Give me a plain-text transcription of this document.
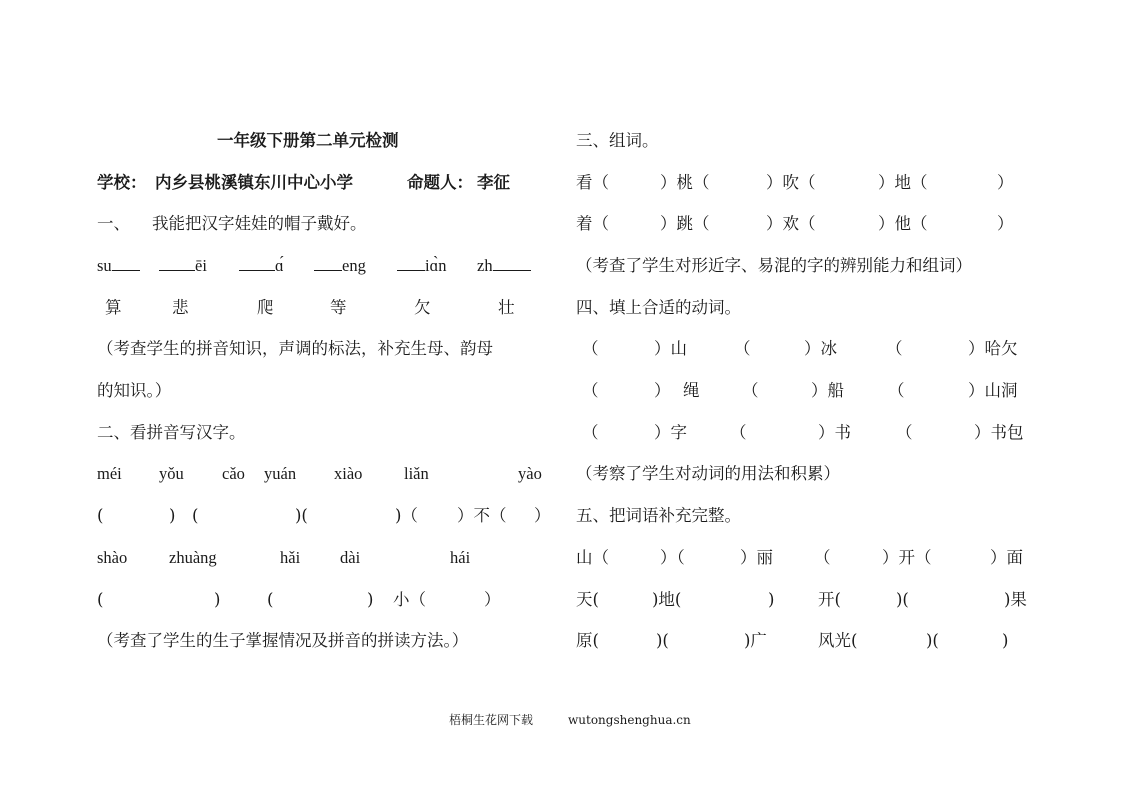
一年级下册第二单元检测
学校： 内乡县桃溪镇东川中心小学	命题人： 李征
一、 我能把汉字娃娃的帽子戴好。
su	ēi	ɑ́	eng	iɑ̀n zh
算	悲	爬	等	欠	壮
（考查学生的拼音知识，声调的标法，补充生母、韵母
的知识。）
二、看拼音写汉字。
méi yǒu cǎo yuán xiào	liǎn	yào
(	) (	)(	)（ ）不（ ）
shào	zhuàng	hǎi dài	hái
(	)	(	) 小（	）
（考查了学生的生子掌握情况及拼音的拼读方法。）
三、组词。
看（	）桃（	）吹（	）地（	）
着（	）跳（	）欢（	）他（	）
（考查了学生对形近字、易混的字的辨别能力和组词）
四、填上合适的动词。
（	）山	（	）冰	（	）哈欠
（	） 绳	（	）船	（	）山洞
（	）字	（	）书	（	）书包
（考察了学生对动词的用法和积累）
五、把词语补充完整。
山（	）（	）丽 （	）开（	）面
天(	)地(	)	开(	)(	)果
原(	)(	)广	风光(	)(	)
梧桐生花网下载	wutongshenghua.cn
